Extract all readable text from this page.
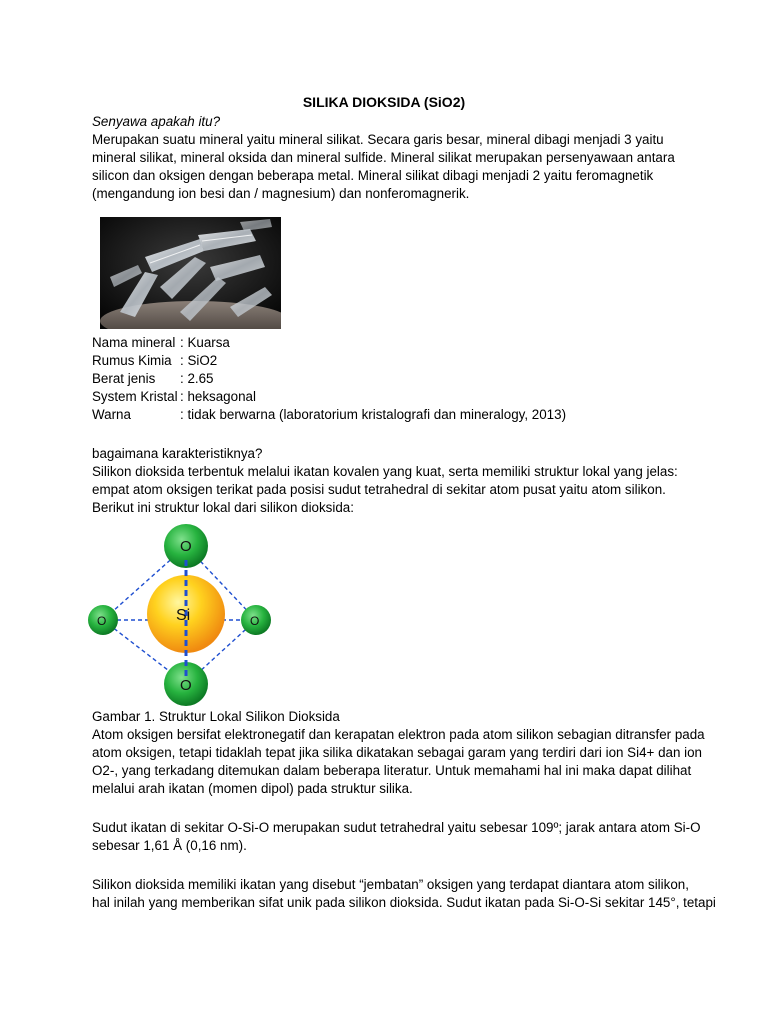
SILIKA DIOKSIDA (SiO2)
Senyawa apakah itu?
Merupakan suatu mineral yaitu mineral silikat. Secara garis besar, mineral dibagi menjadi 3 yaitu
mineral silikat, mineral oksida dan mineral sulfide. Mineral silikat merupakan persenyawaan antara
silicon dan oksigen dengan beberapa metal. Mineral silikat dibagi menjadi 2 yaitu feromagnetik
(mengandung ion besi dan / magnesium) dan nonferomagnerik.
Nama mineral : Kuarsa
Rumus Kimia : SiO2
Berat jenis : 2.65
System Kristal : heksagonal
Warna	: tidak berwarna (laboratorium kristalografi dan mineralogy, 2013)
bagaimana karakteristiknya?
Silikon dioksida terbentuk melalui ikatan kovalen yang kuat, serta memiliki struktur lokal yang jelas:
empat atom oksigen terikat pada posisi sudut tetrahedral di sekitar atom pusat yaitu atom silikon.
Berikut ini struktur lokal dari silikon dioksida:
Si
O
O	O
O
Gambar 1. Struktur Lokal Silikon Dioksida
Atom oksigen bersifat elektronegatif dan kerapatan elektron pada atom silikon sebagian ditransfer pada
atom oksigen, tetapi tidaklah tepat jika silika dikatakan sebagai garam yang terdiri dari ion Si4+ dan ion
O2-, yang terkadang ditemukan dalam beberapa literatur. Untuk memahami hal ini maka dapat dilihat
melalui arah ikatan (momen dipol) pada struktur silika.
Sudut ikatan di sekitar O-Si-O merupakan sudut tetrahedral yaitu sebesar 109º; jarak antara atom Si-O
sebesar 1,61 Å (0,16 nm).
Silikon dioksida memiliki ikatan yang disebut “jembatan” oksigen yang terdapat diantara atom silikon,
hal inilah yang memberikan sifat unik pada silikon dioksida. Sudut ikatan pada Si-O-Si sekitar 145°, tetapi
